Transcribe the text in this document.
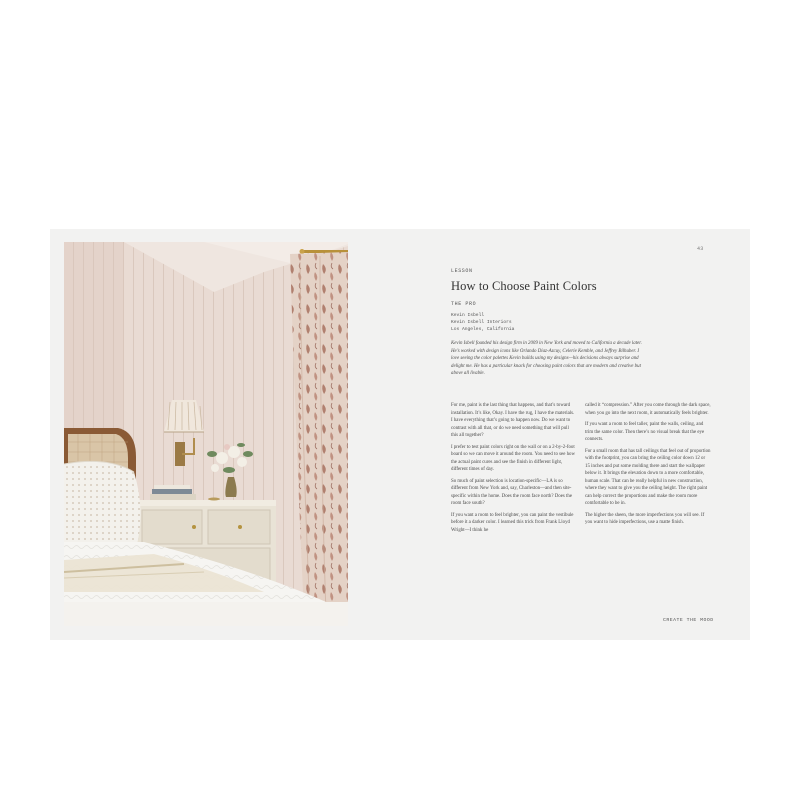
43
LESSON
How to Choose Paint Colors
THE PRO
Kevin Isbell
Kevin Isbell Interiors
Los Angeles, California

Kevin Isbell founded his design firm in 2009 in New York and moved to California a decade later. He’s worked with design icons like Orlando Diaz-Azcuy, Celerie Kemble, and Jeffrey Bilhuber. I love seeing the color palettes Kevin builds using my designs—his decisions always surprise and delight me. He has a particular knack for choosing paint colors that are modern and creative but above all livable.

For me, paint is the last thing that happens, and that’s toward installation. It’s like, Okay. I have the rug, I have the materials. I have everything that’s going to happen now. Do we want to contrast with all that, or do we need something that will pull this all together?

I prefer to test paint colors right on the wall or on a 2-by-2-foot board so we can move it around the room. You need to see how the actual paint cures and see the finish in different light, different times of day.

So much of paint selection is location-specific—LA is so different from New York and, say, Charleston—and then site-specific within the home. Does the room face north? Does the room face south?

If you want a room to feel brighter, you can paint the vestibule before it a darker color. I learned this trick from Frank Lloyd Wright—I think he

called it “compression.” After you come through the dark space, when you go into the next room, it automatically feels brighter.

If you want a room to feel taller, paint the walls, ceiling, and trim the same color. Then there’s no visual break that the eye connects.

For a small room that has tall ceilings that feel out of proportion with the footprint, you can bring the ceiling color down 12 or 15 inches and put some molding there and start the wallpaper below it. It brings the elevation down to a more comfortable, human scale. That can be really helpful in new construction, where they want to give you the ceiling height. The right paint can help correct the proportions and make the room more comfortable to be in.

The higher the sheen, the more imperfections you will see. If you want to hide imperfections, use a matte finish.

CREATE THE MOOD
